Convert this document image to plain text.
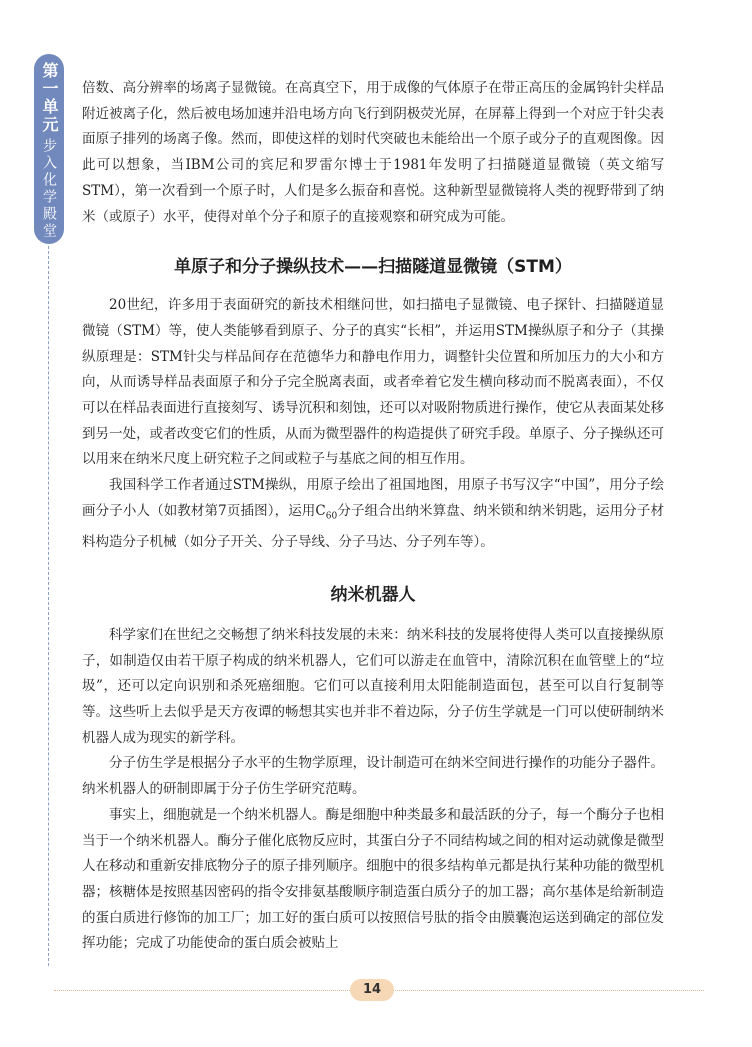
第一单元
步入化学殿堂

倍数、高分辨率的场离子显微镜。在高真空下，用于成像的气体原子在带正高压的金属钨针尖样品附近被离子化，然后被电场加速并沿电场方向飞行到阴极荧光屏，在屏幕上得到一个对应于针尖表面原子排列的场离子像。然而，即使这样的划时代突破也未能给出一个原子或分子的直观图像。因此可以想象，当IBM公司的宾尼和罗雷尔博士于1981年发明了扫描隧道显微镜（英文缩写STM），第一次看到一个原子时，人们是多么振奋和喜悦。这种新型显微镜将人类的视野带到了纳米（或原子）水平，使得对单个分子和原子的直接观察和研究成为可能。

单原子和分子操纵技术——扫描隧道显微镜（STM）

20世纪，许多用于表面研究的新技术相继问世，如扫描电子显微镜、电子探针、扫描隧道显微镜（STM）等，使人类能够看到原子、分子的真实“长相”，并运用STM操纵原子和分子（其操纵原理是：STM针尖与样品间存在范德华力和静电作用力，调整针尖位置和所加压力的大小和方向，从而诱导样品表面原子和分子完全脱离表面，或者牵着它发生横向移动而不脱离表面），不仅可以在样品表面进行直接刻写、诱导沉积和刻蚀，还可以对吸附物质进行操作，使它从表面某处移到另一处，或者改变它们的性质，从而为微型器件的构造提供了研究手段。单原子、分子操纵还可以用来在纳米尺度上研究粒子之间或粒子与基底之间的相互作用。

我国科学工作者通过STM操纵，用原子绘出了祖国地图，用原子书写汉字“中国”，用分子绘画分子小人（如教材第7页插图），运用$C_{60}$分子组合出纳米算盘、纳米锁和纳米钥匙，运用分子材料构造分子机械（如分子开关、分子导线、分子马达、分子列车等）。

纳米机器人

科学家们在世纪之交畅想了纳米科技发展的未来：纳米科技的发展将使得人类可以直接操纵原子，如制造仅由若干原子构成的纳米机器人，它们可以游走在血管中，清除沉积在血管壁上的“垃圾”，还可以定向识别和杀死癌细胞。它们可以直接利用太阳能制造面包，甚至可以自行复制等等。这些听上去似乎是天方夜谭的畅想其实也并非不着边际，分子仿生学就是一门可以使研制纳米机器人成为现实的新学科。

分子仿生学是根据分子水平的生物学原理，设计制造可在纳米空间进行操作的功能分子器件。纳米机器人的研制即属于分子仿生学研究范畴。

事实上，细胞就是一个纳米机器人。酶是细胞中种类最多和最活跃的分子，每一个酶分子也相当于一个纳米机器人。酶分子催化底物反应时，其蛋白分子不同结构域之间的相对运动就像是微型人在移动和重新安排底物分子的原子排列顺序。细胞中的很多结构单元都是执行某种功能的微型机器；核糖体是按照基因密码的指令安排氨基酸顺序制造蛋白质分子的加工器；高尔基体是给新制造的蛋白质进行修饰的加工厂；加工好的蛋白质可以按照信号肽的指令由膜囊泡运送到确定的部位发挥功能；完成了功能使命的蛋白质会被贴上

14
